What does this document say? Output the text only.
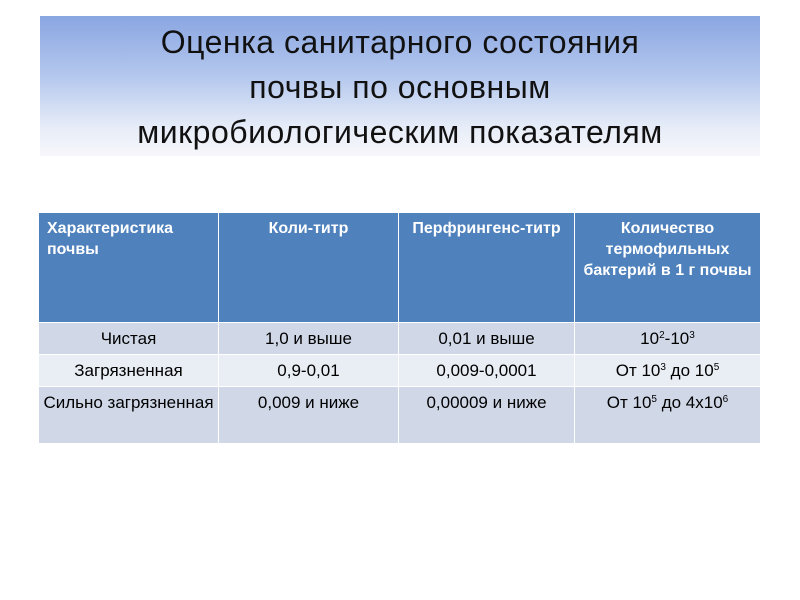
Оценка санитарного состояния
почвы по основным
микробиологическим показателям
Характеристика почвы	Коли-титр	Перфрингенс-титр	Количество термофильных бактерий в 1 г почвы
Чистая	1,0 и выше	0,01 и выше	$10^2-10^3$
Загрязненная	0,9-0,01	0,009-0,0001	От $10^3$ до $10^5$
Сильно загрязненная	0,009 и ниже	0,00009 и ниже	От $10^5$ до $4x10^6$
